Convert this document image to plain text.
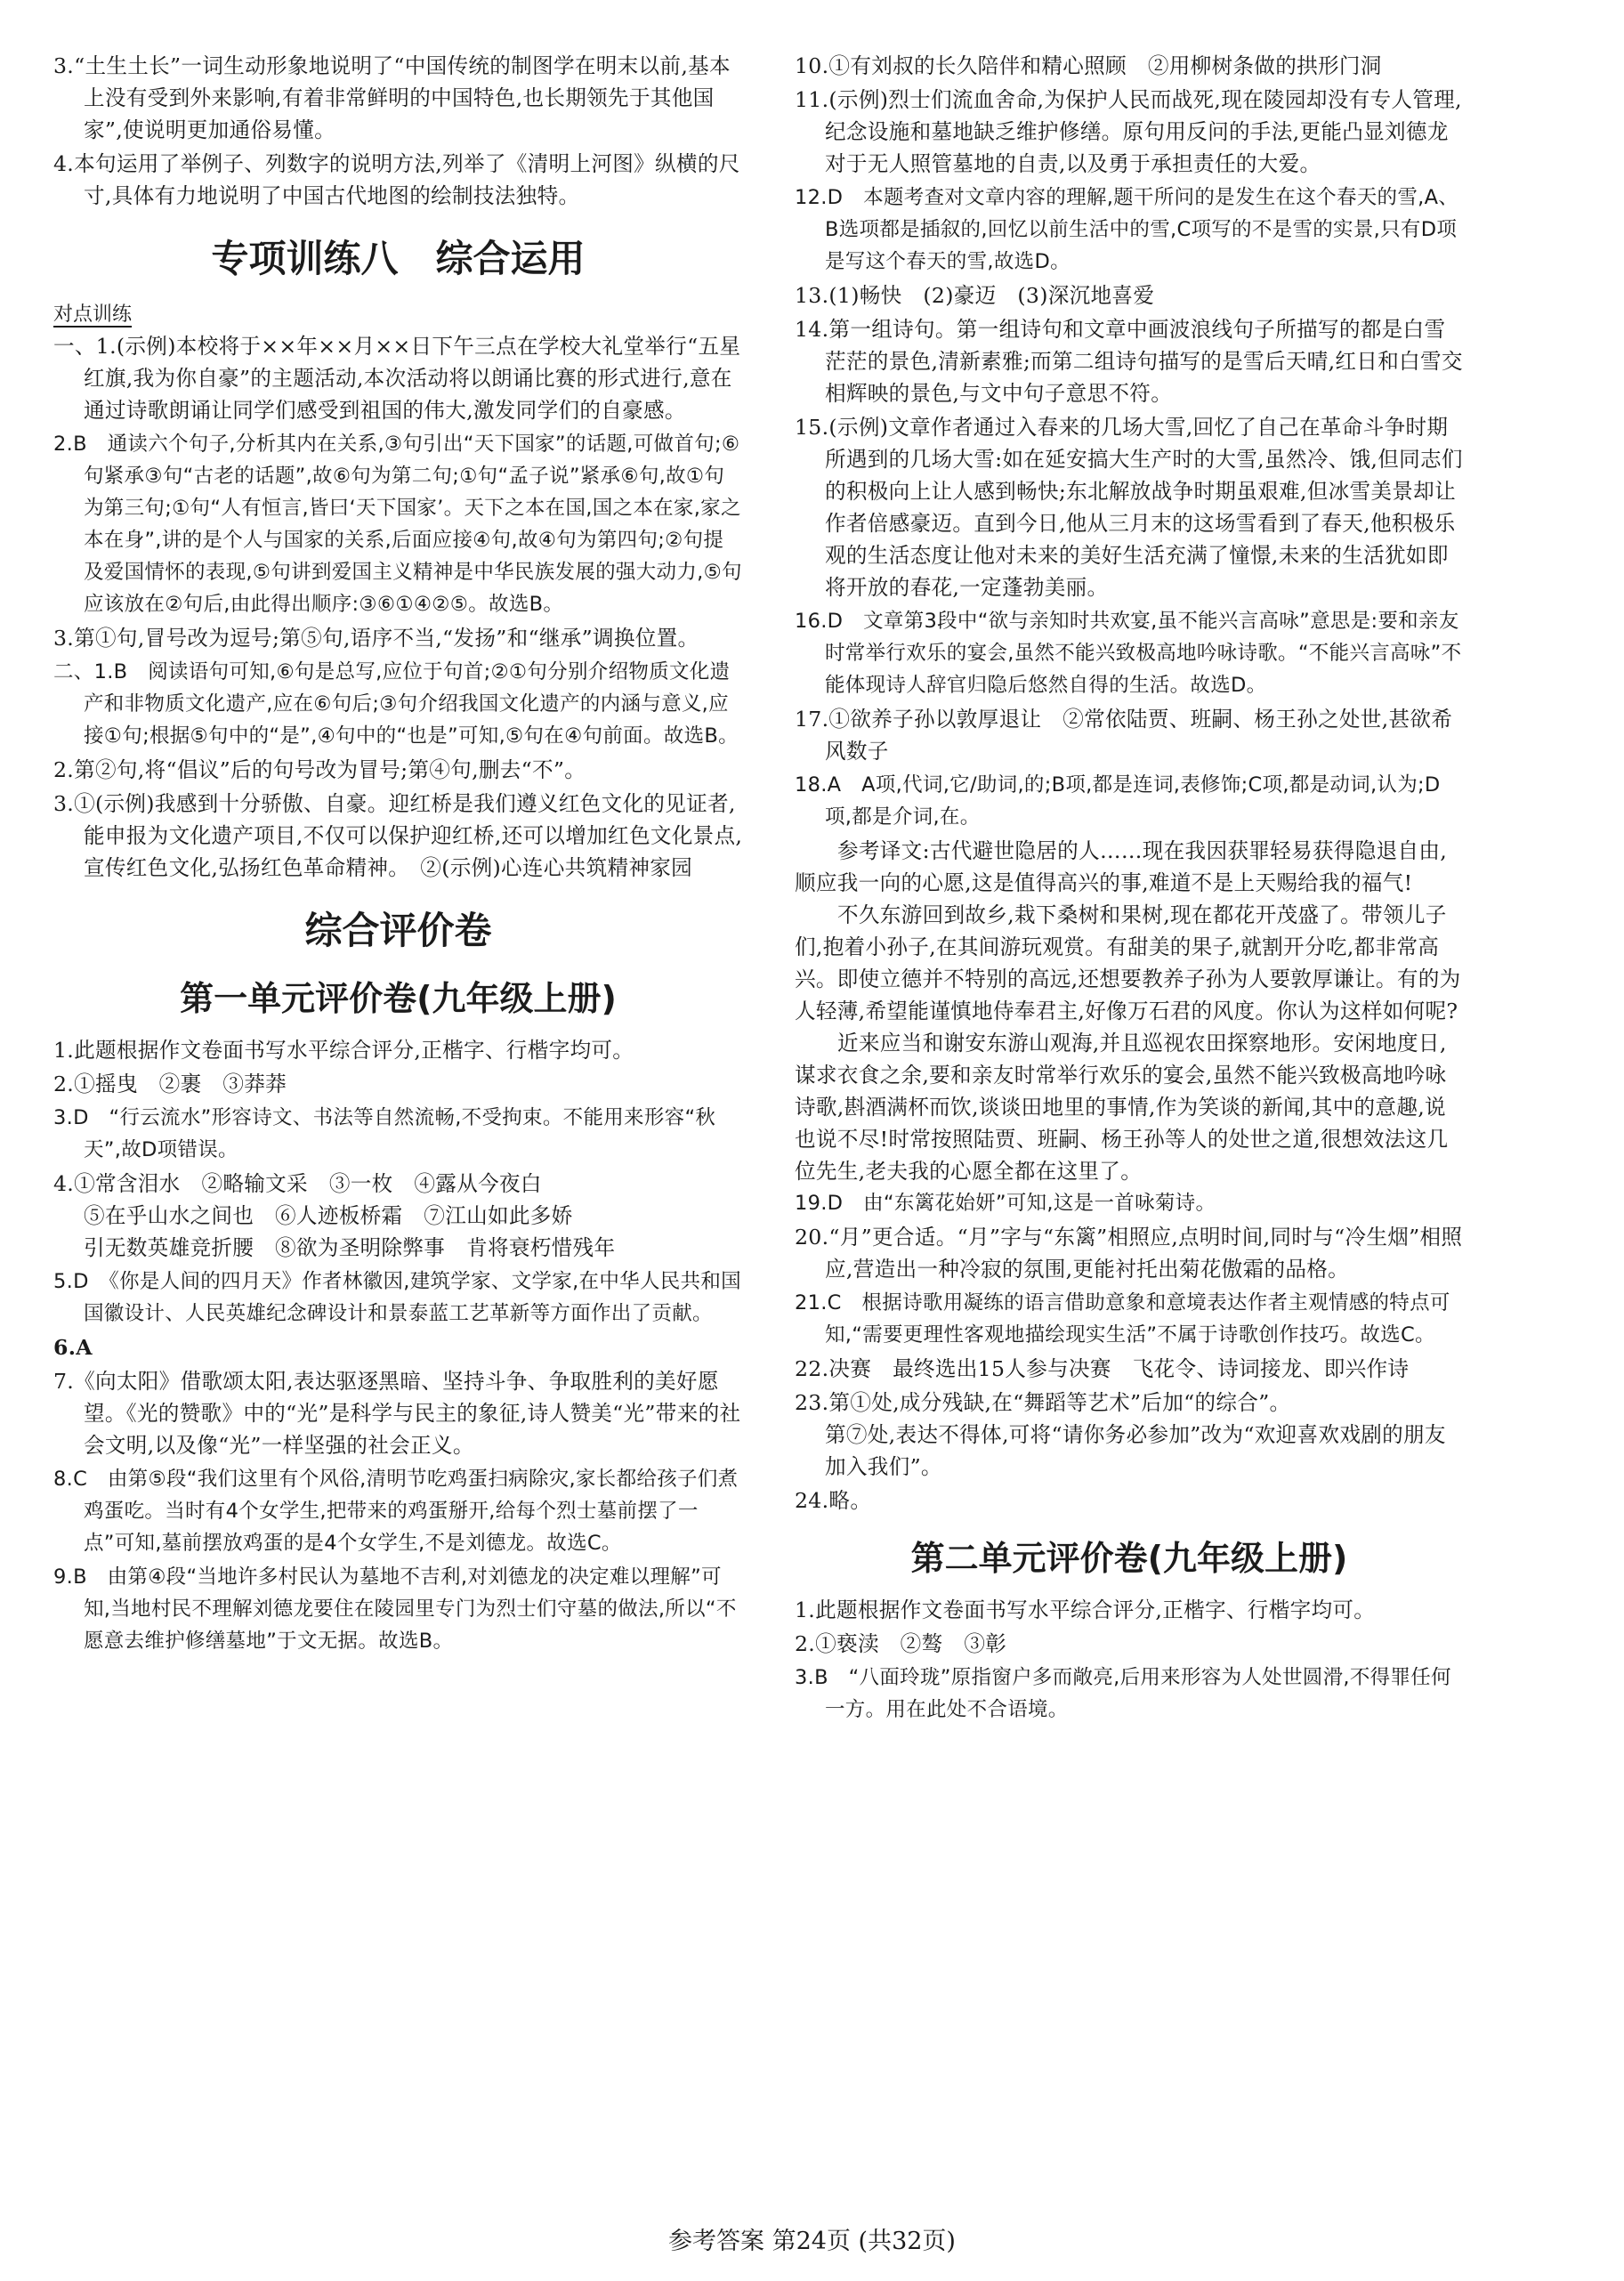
3.“土生土长”一词生动形象地说明了“中国传统的制图学在明末以前,基本上没有受到外来影响,有着非常鲜明的中国特色,也长期领先于其他国家”,使说明更加通俗易懂。

4.本句运用了举例子、列数字的说明方法,列举了《清明上河图》纵横的尺寸,具体有力地说明了中国古代地图的绘制技法独特。

专项训练八　综合运用
对点训练

一、1.(示例)本校将于××年××月××日下午三点在学校大礼堂举行“五星红旗,我为你自豪”的主题活动,本次活动将以朗诵比赛的形式进行,意在通过诗歌朗诵让同学们感受到祖国的伟大,激发同学们的自豪感。

2.B　通读六个句子,分析其内在关系,③句引出“天下国家”的话题,可做首句;⑥句紧承③句“古老的话题”,故⑥句为第二句;①句“孟子说”紧承⑥句,故①句为第三句;①句“人有恒言,皆曰‘天下国家’。天下之本在国,国之本在家,家之本在身”,讲的是个人与国家的关系,后面应接④句,故④句为第四句;②句提及爱国情怀的表现,⑤句讲到爱国主义精神是中华民族发展的强大动力,⑤句应该放在②句后,由此得出顺序:③⑥①④②⑤。故选B。

3.第①句,冒号改为逗号;第⑤句,语序不当,“发扬”和“继承”调换位置。

二、1.B　阅读语句可知,⑥句是总写,应位于句首;②①句分别介绍物质文化遗产和非物质文化遗产,应在⑥句后;③句介绍我国文化遗产的内涵与意义,应接①句;根据⑤句中的“是”,④句中的“也是”可知,⑤句在④句前面。故选B。

2.第②句,将“倡议”后的句号改为冒号;第④句,删去“不”。

3.①(示例)我感到十分骄傲、自豪。迎红桥是我们遵义红色文化的见证者,能申报为文化遗产项目,不仅可以保护迎红桥,还可以增加红色文化景点,宣传红色文化,弘扬红色革命精神。　②(示例)心连心共筑精神家园

综合评价卷
第一单元评价卷(九年级上册)

1.此题根据作文卷面书写水平综合评分,正楷字、行楷字均可。

2.①摇曳　②裹　③莽莽

3.D　“行云流水”形容诗文、书法等自然流畅,不受拘束。不能用来形容“秋天”,故D项错误。

4.①常含泪水　②略输文采　③一枚　④露从今夜白
⑤在乎山水之间也　⑥人迹板桥霜　⑦江山如此多娇
引无数英雄竞折腰　⑧欲为圣明除弊事　肯将衰朽惜残年

5.D　《你是人间的四月天》作者林徽因,建筑学家、文学家,在中华人民共和国国徽设计、人民英雄纪念碑设计和景泰蓝工艺革新等方面作出了贡献。

6.A

7.《向太阳》借歌颂太阳,表达驱逐黑暗、坚持斗争、争取胜利的美好愿望。《光的赞歌》中的“光”是科学与民主的象征,诗人赞美“光”带来的社会文明,以及像“光”一样坚强的社会正义。

8.C　由第⑤段“我们这里有个风俗,清明节吃鸡蛋扫病除灾,家长都给孩子们煮鸡蛋吃。当时有4个女学生,把带来的鸡蛋掰开,给每个烈士墓前摆了一点”可知,墓前摆放鸡蛋的是4个女学生,不是刘德龙。故选C。

9.B　由第④段“当地许多村民认为墓地不吉利,对刘德龙的决定难以理解”可知,当地村民不理解刘德龙要住在陵园里专门为烈士们守墓的做法,所以“不愿意去维护修缮墓地”于文无据。故选B。

10.①有刘叔的长久陪伴和精心照顾　②用柳树条做的拱形门洞

11.(示例)烈士们流血舍命,为保护人民而战死,现在陵园却没有专人管理,纪念设施和墓地缺乏维护修缮。原句用反问的手法,更能凸显刘德龙对于无人照管墓地的自责,以及勇于承担责任的大爱。

12.D　本题考查对文章内容的理解,题干所问的是发生在这个春天的雪,A、B选项都是插叙的,回忆以前生活中的雪,C项写的不是雪的实景,只有D项是写这个春天的雪,故选D。

13.(1)畅快　(2)豪迈　(3)深沉地喜爱

14.第一组诗句。第一组诗句和文章中画波浪线句子所描写的都是白雪茫茫的景色,清新素雅;而第二组诗句描写的是雪后天晴,红日和白雪交相辉映的景色,与文中句子意思不符。

15.(示例)文章作者通过入春来的几场大雪,回忆了自己在革命斗争时期所遇到的几场大雪:如在延安搞大生产时的大雪,虽然冷、饿,但同志们的积极向上让人感到畅快;东北解放战争时期虽艰难,但冰雪美景却让作者倍感豪迈。直到今日,他从三月末的这场雪看到了春天,他积极乐观的生活态度让他对未来的美好生活充满了憧憬,未来的生活犹如即将开放的春花,一定蓬勃美丽。

16.D　文章第3段中“欲与亲知时共欢宴,虽不能兴言高咏”意思是:要和亲友时常举行欢乐的宴会,虽然不能兴致极高地吟咏诗歌。“不能兴言高咏”不能体现诗人辞官归隐后悠然自得的生活。故选D。

17.①欲养子孙以敦厚退让　②常依陆贾、班嗣、杨王孙之处世,甚欲希风数子

18.A　A项,代词,它/助词,的;B项,都是连词,表修饰;C项,都是动词,认为;D项,都是介词,在。

参考译文:古代避世隐居的人……现在我因获罪轻易获得隐退自由,顺应我一向的心愿,这是值得高兴的事,难道不是上天赐给我的福气!

不久东游回到故乡,栽下桑树和果树,现在都花开茂盛了。带领儿子们,抱着小孙子,在其间游玩观赏。有甜美的果子,就割开分吃,都非常高兴。即使立德并不特别的高远,还想要教养子孙为人要敦厚谦让。有的为人轻薄,希望能谨慎地侍奉君主,好像万石君的风度。你认为这样如何呢?

近来应当和谢安东游山观海,并且巡视农田探察地形。安闲地度日,谋求衣食之余,要和亲友时常举行欢乐的宴会,虽然不能兴致极高地吟咏诗歌,斟酒满杯而饮,谈谈田地里的事情,作为笑谈的新闻,其中的意趣,说也说不尽!时常按照陆贾、班嗣、杨王孙等人的处世之道,很想效法这几位先生,老夫我的心愿全都在这里了。

19.D　由“东篱花始妍”可知,这是一首咏菊诗。

20.“月”更合适。“月”字与“东篱”相照应,点明时间,同时与“冷生烟”相照应,营造出一种冷寂的氛围,更能衬托出菊花傲霜的品格。

21.C　根据诗歌用凝练的语言借助意象和意境表达作者主观情感的特点可知,“需要更理性客观地描绘现实生活”不属于诗歌创作技巧。故选C。

22.决赛　最终选出15人参与决赛　飞花令、诗词接龙、即兴作诗

23.第①处,成分残缺,在“舞蹈等艺术”后加“的综合”。
第⑦处,表达不得体,可将“请你务必参加”改为“欢迎喜欢戏剧的朋友加入我们”。

24.略。

第二单元评价卷(九年级上册)

1.此题根据作文卷面书写水平综合评分,正楷字、行楷字均可。

2.①亵渎　②骜　③彰

3.B　“八面玲珑”原指窗户多而敞亮,后用来形容为人处世圆滑,不得罪任何一方。用在此处不合语境。

参考答案 第24页 (共32页)
